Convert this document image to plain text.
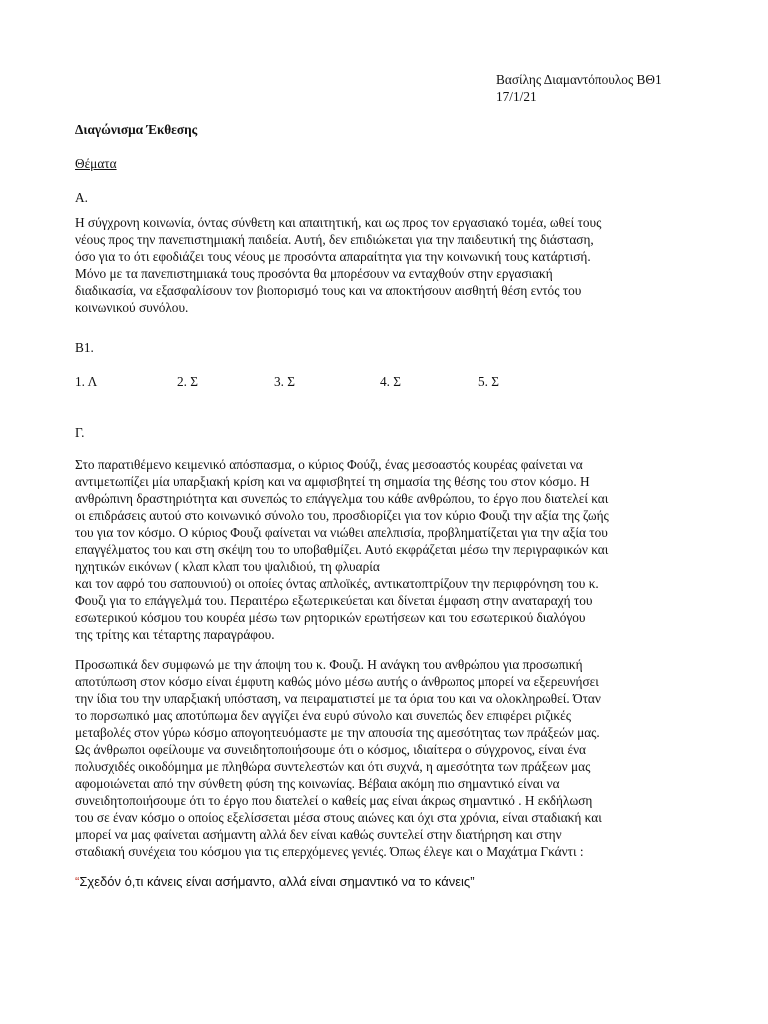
Βασίλης Διαμαντόπουλος ΒΘ1
17/1/21
Διαγώνισμα Έκθεσης
Θέματα
Α.
Η σύγχρονη κοινωνία, όντας σύνθετη και απαιτητική, και ως προς τον εργασιακό τομέα, ωθεί τους
νέους προς την πανεπιστημιακή παιδεία. Αυτή, δεν επιδιώκεται για την παιδευτική της διάσταση,
όσο για το ότι εφοδιάζει τους νέους με προσόντα απαραίτητα για την κοινωνική τους κατάρτισή.
Μόνο με τα πανεπιστημιακά τους προσόντα θα μπορέσουν να ενταχθούν στην εργασιακή
διαδικασία, να εξασφαλίσουν τον βιοπορισμό τους και να αποκτήσουν αισθητή θέση εντός του
κοινωνικού συνόλου.
Β1.
1. Λ	2. Σ	3. Σ	4. Σ	5. Σ
Γ.
Στο παρατιθέμενο κειμενικό απόσπασμα, ο κύριος Φούζι, ένας μεσοαστός κουρέας φαίνεται να
αντιμετωπίζει μία υπαρξιακή κρίση και να αμφισβητεί τη σημασία της θέσης του στον κόσμο. Η
ανθρώπινη δραστηριότητα και συνεπώς το επάγγελμα του κάθε ανθρώπου, το έργο που διατελεί και
οι επιδράσεις αυτού στο κοινωνικό σύνολο του, προσδιορίζει για τον κύριο Φουζι την αξία της ζωής
του για τον κόσμο. Ο κύριος Φουζι φαίνεται να νιώθει απελπισία, προβληματίζεται για την αξία του
επαγγέλματος του και στη σκέψη του το υποβαθμίζει. Αυτό εκφράζεται μέσω την περιγραφικών και
ηχητικών εικόνων ( κλαπ κλαπ του ψαλιδιού, τη φλυαρία
και τον αφρό του σαπουνιού) οι οποίες όντας απλοϊκές, αντικατοπτρίζουν την περιφρόνηση του κ.
Φουζι για το επάγγελμά του. Περαιτέρω εξωτερικεύεται και δίνεται έμφαση στην αναταραχή του
εσωτερικού κόσμου του κουρέα μέσω των ρητορικών ερωτήσεων και του εσωτερικού διαλόγου
της τρίτης και τέταρτης παραγράφου.
Προσωπικά δεν συμφωνώ με την άποψη του κ. Φουζι. Η ανάγκη του ανθρώπου για προσωπική
αποτύπωση στον κόσμο είναι έμφυτη καθώς μόνο μέσω αυτής ο άνθρωπος μπορεί να εξερευνήσει
την ίδια του την υπαρξιακή υπόσταση, να πειραματιστεί με τα όρια του και να ολοκληρωθεί. Όταν
το πορσωπικό μας αποτύπωμα δεν αγγίζει ένα ευρύ σύνολο και συνεπώς δεν επιφέρει ριζικές
μεταβολές στον γύρω κόσμο απογοητευόμαστε με την απουσία της αμεσότητας των πράξεών μας.
Ως άνθρωποι οφείλουμε να συνειδητοποιήσουμε ότι ο κόσμος, ιδιαίτερα ο σύγχρονος, είναι ένα
πολυσχιδές οικοδόμημα με πληθώρα συντελεστών και ότι συχνά, η αμεσότητα των πράξεων μας
αφομοιώνεται από την σύνθετη φύση της κοινωνίας. Βέβαια ακόμη πιο σημαντικό είναι να
συνειδητοποιήσουμε ότι το έργο που διατελεί ο καθείς μας είναι άκρως σημαντικό . Η εκδήλωση
του σε έναν κόσμο ο οποίος εξελίσσεται μέσα στους αιώνες και όχι στα χρόνια, είναι σταδιακή και
μπορεί να μας φαίνεται ασήμαντη αλλά δεν είναι καθώς συντελεί στην διατήρηση και στην
σταδιακή συνέχεια του κόσμου για τις επερχόμενες γενιές. Όπως έλεγε και ο Μαχάτμα Γκάντι :
“Σχεδόν ό,τι κάνεις είναι ασήμαντο, αλλά είναι σημαντικό να το κάνεις”
